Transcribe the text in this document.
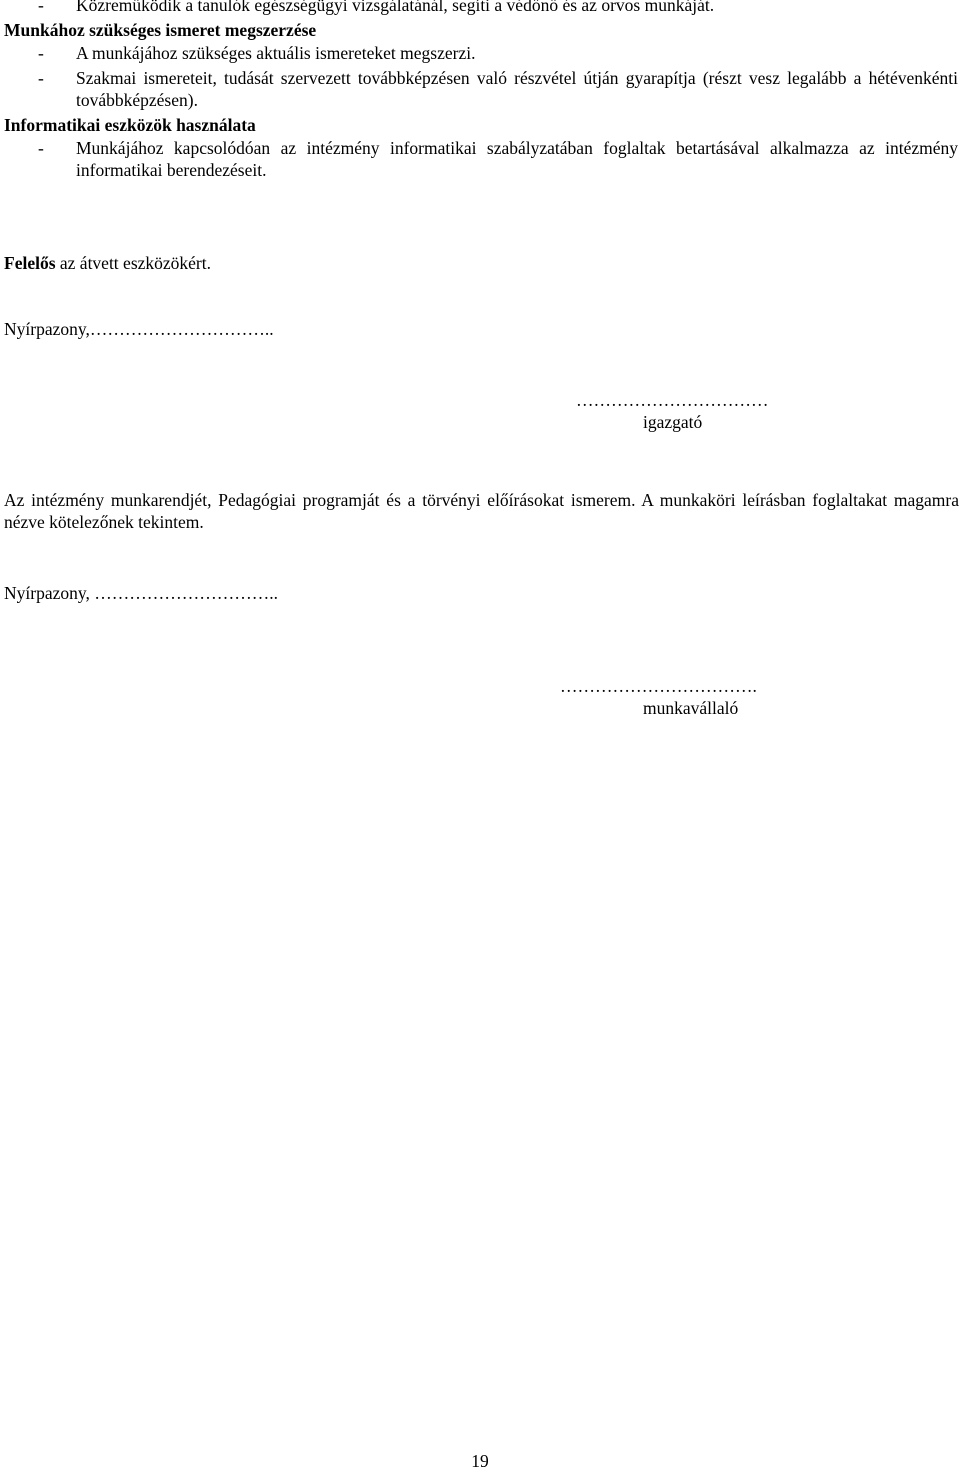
- Közreműködik a tanulók egészségügyi vizsgálatánál, segíti a védőnő és az orvos munkáját.
Munkához szükséges ismeret megszerzése
- A munkájához szükséges aktuális ismereteket megszerzi.
- Szakmai ismereteit, tudását szervezett továbbképzésen való részvétel útján gyarapítja (részt vesz legalább a hétévenkénti továbbképzésen).
Informatikai eszközök használata
- Munkájához kapcsolódóan az intézmény informatikai szabályzatában foglaltak betartásával alkalmazza az intézmény informatikai berendezéseit.
Felelős az átvett eszközökért.
Nyírpazony,…………………………..
……………………………
igazgató
Az intézmény munkarendjét, Pedagógiai programját és a törvényi előírásokat ismerem. A munkaköri leírásban foglaltakat magamra nézve kötelezőnek tekintem.
Nyírpazony, …………………………..
…………………………….
munkavállaló
19
